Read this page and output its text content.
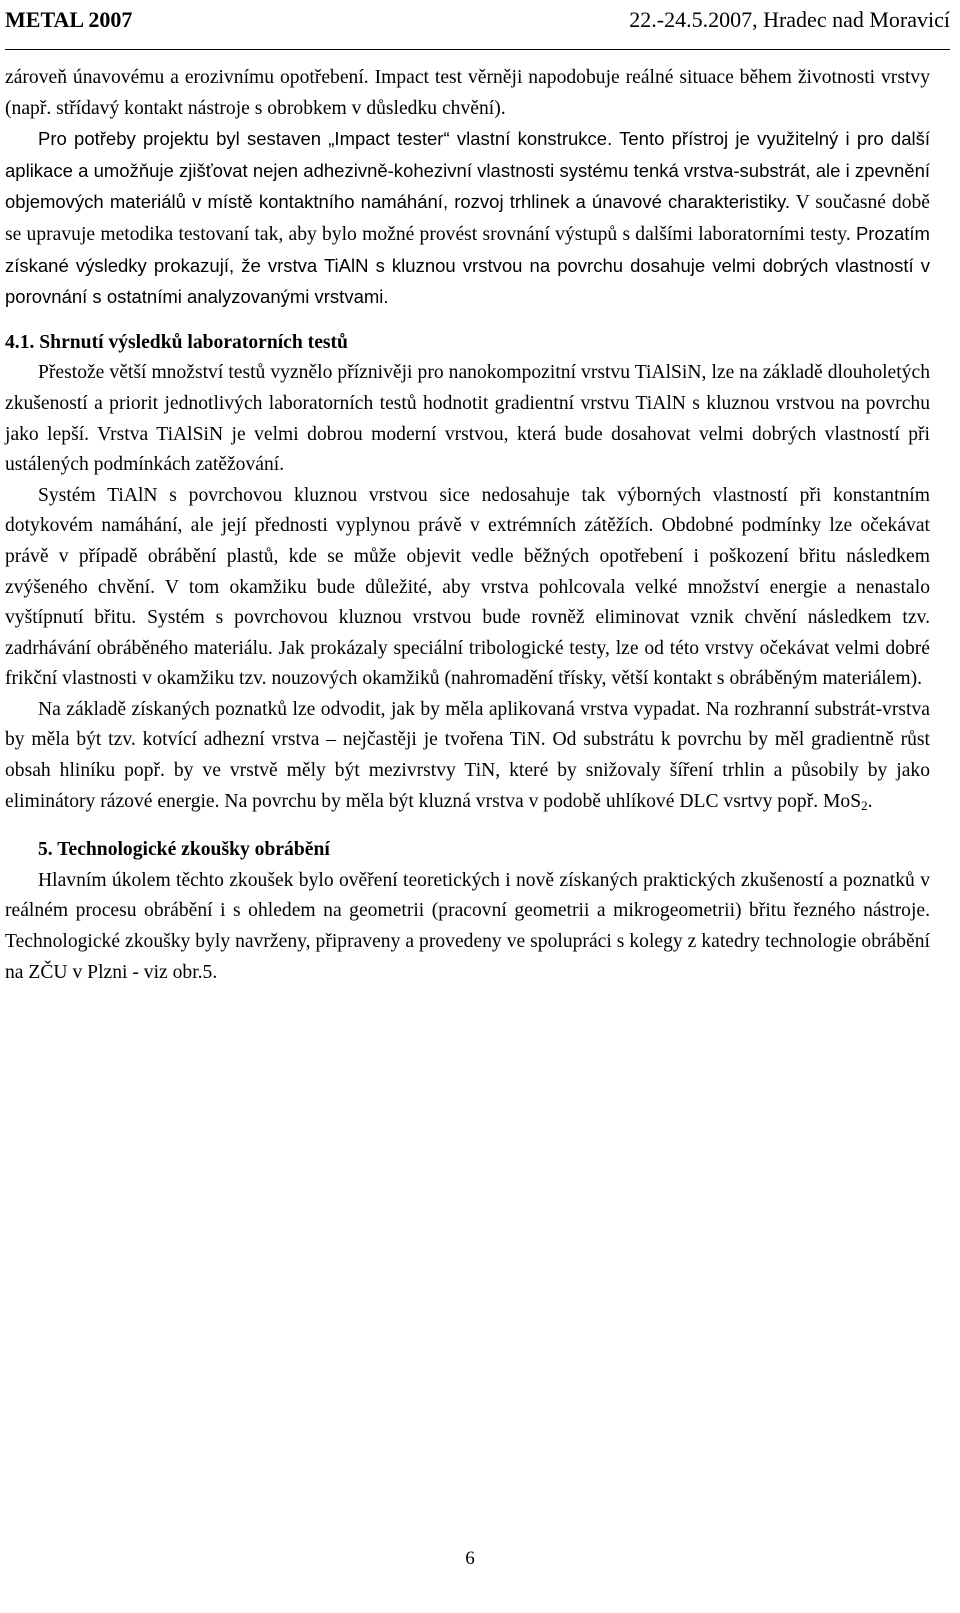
METAL 2007	22.-24.5.2007, Hradec nad Moravicí

zároveň únavovému a erozivnímu opotřebení. Impact test věrněji napodobuje reálné situace během životnosti vrstvy (např. střídavý kontakt nástroje s obrobkem v důsledku chvění).

Pro potřeby projektu byl sestaven „Impact tester“ vlastní konstrukce. Tento přístroj je využitelný i pro další aplikace a umožňuje zjišťovat nejen adhezivně-kohezivní vlastnosti systému tenká vrstva-substrát, ale i zpevnění objemových materiálů v místě kontaktního namáhání, rozvoj trhlinek a únavové charakteristiky. V současné době se upravuje metodika testovaní tak, aby bylo možné provést srovnání výstupů s dalšími laboratorními testy. Prozatím získané výsledky prokazují, že vrstva TiAlN s kluznou vrstvou na povrchu dosahuje velmi dobrých vlastností v porovnání s ostatními analyzovanými vrstvami.

4.1. Shrnutí výsledků laboratorních testů

Přestože větší množství testů vyznělo příznivěji pro nanokompozitní vrstvu TiAlSiN, lze na základě dlouholetých zkušeností a priorit jednotlivých laboratorních testů hodnotit gradientní vrstvu TiAlN s kluznou vrstvou na povrchu jako lepší. Vrstva TiAlSiN je velmi dobrou moderní vrstvou, která bude dosahovat velmi dobrých vlastností při ustálených podmínkách zatěžování.

Systém TiAlN s povrchovou kluznou vrstvou sice nedosahuje tak výborných vlastností při konstantním dotykovém namáhání, ale její přednosti vyplynou právě v extrémních zátěžích. Obdobné podmínky lze očekávat právě v případě obrábění plastů, kde se může objevit vedle běžných opotřebení i poškození břitu následkem zvýšeného chvění. V tom okamžiku bude důležité, aby vrstva pohlcovala velké množství energie a nenastalo vyštípnutí břitu. Systém s povrchovou kluznou vrstvou bude rovněž eliminovat vznik chvění následkem tzv. zadrhávání obráběného materiálu. Jak prokázaly speciální tribologické testy, lze od této vrstvy očekávat velmi dobré frikční vlastnosti v okamžiku tzv. nouzových okamžiků (nahromadění třísky, větší kontakt s obráběným materiálem).

Na základě získaných poznatků lze odvodit, jak by měla aplikovaná vrstva vypadat. Na rozhranní substrát-vrstva by měla být tzv. kotvící adhezní vrstva – nejčastěji je tvořena TiN. Od substrátu k povrchu by měl gradientně růst obsah hliníku popř. by ve vrstvě měly být mezivrstvy TiN, které by snižovaly šíření trhlin a působily by jako eliminátory rázové energie. Na povrchu by měla být kluzná vrstva v podobě uhlíkové DLC vsrtvy popř. MoS$_2$.

5. Technologické zkoušky obrábění

Hlavním úkolem těchto zkoušek bylo ověření teoretických i nově získaných praktických zkušeností a poznatků v reálném procesu obrábění i s ohledem na geometrii (pracovní geometrii a mikrogeometrii) břitu řezného nástroje. Technologické zkoušky byly navrženy, připraveny a provedeny ve spolupráci s kolegy z katedry technologie obrábění na ZČU v Plzni - viz obr.5.

6
